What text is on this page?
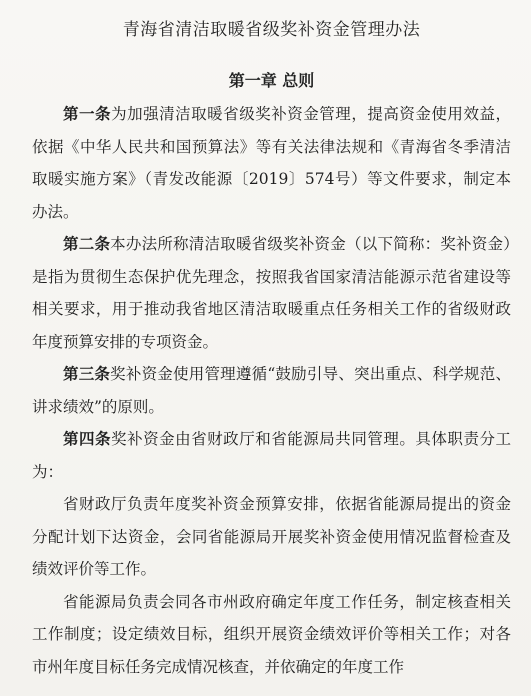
青海省清洁取暖省级奖补资金管理办法
第一章 总则

第一条为加强清洁取暖省级奖补资金管理，提高资金使用效益，依据《中华人民共和国预算法》等有关法律法规和《青海省冬季清洁取暖实施方案》（青发改能源〔2019〕574号）等文件要求，制定本办法。

第二条本办法所称清洁取暖省级奖补资金（以下简称：奖补资金）是指为贯彻生态保护优先理念，按照我省国家清洁能源示范省建设等相关要求，用于推动我省地区清洁取暖重点任务相关工作的省级财政年度预算安排的专项资金。

第三条奖补资金使用管理遵循“鼓励引导、突出重点、科学规范、讲求绩效”的原则。

第四条奖补资金由省财政厅和省能源局共同管理。具体职责分工为：

省财政厅负责年度奖补资金预算安排，依据省能源局提出的资金分配计划下达资金，会同省能源局开展奖补资金使用情况监督检查及绩效评价等工作。

省能源局负责会同各市州政府确定年度工作任务，制定核查相关工作制度；设定绩效目标，组织开展资金绩效评价等相关工作；对各市州年度目标任务完成情况核查，并依确定的年度工作
